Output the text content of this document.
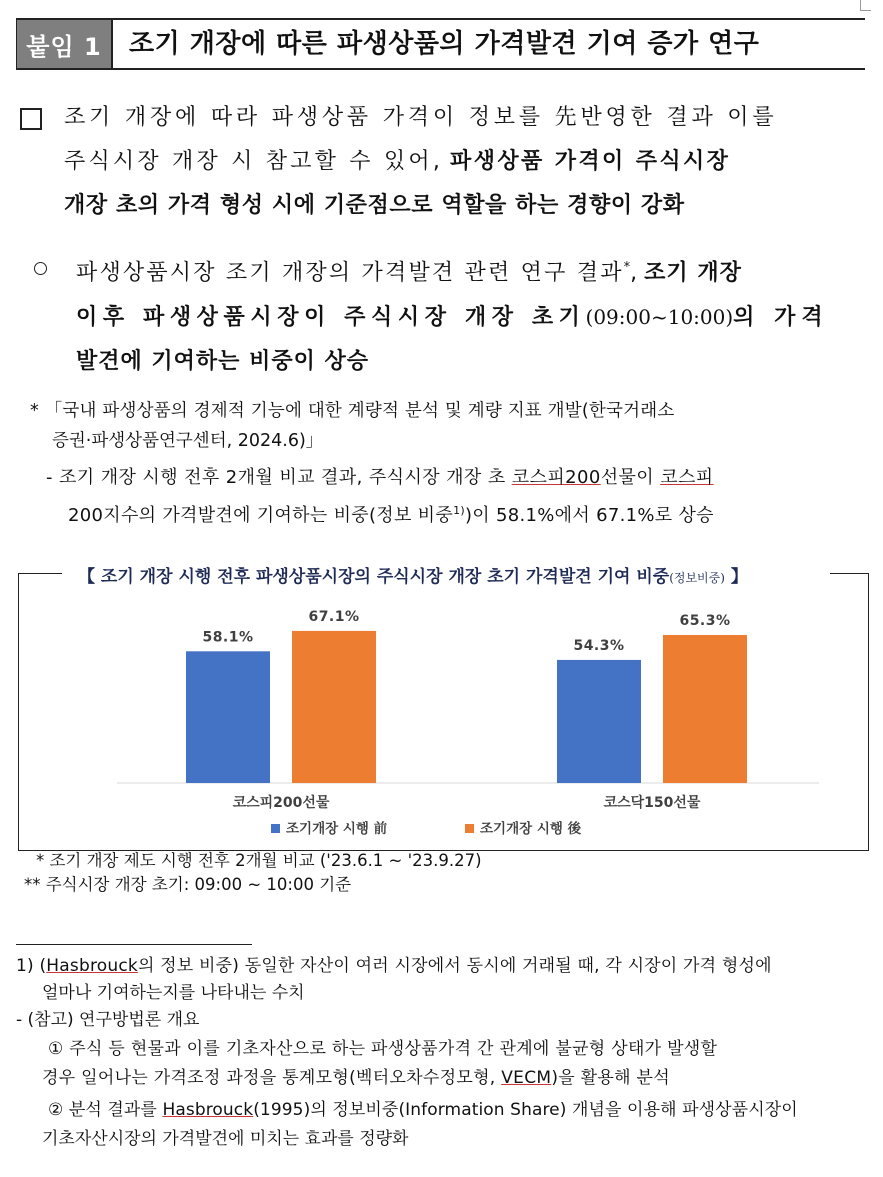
붙임 1	조기 개장에 따른 파생상품의 가격발견 기여 증가 연구
조기 개장에 따라 파생상품 가격이 정보를 先반영한 결과 이를
주식시장 개장 시 참고할 수 있어, 파생상품 가격이 주식시장
개장 초의 가격 형성 시에 기준점으로 역할을 하는 경향이 강화
파생상품시장 조기 개장의 가격발견 관련 연구 결과*, 조기 개장
이후 파생상품시장이 주식시장 개장 초기(09:00~10:00)의 가격
발견에 기여하는 비중이 상승
* 「국내 파생상품의 경제적 기능에 대한 계량적 분석 및 계량 지표 개발(한국거래소
증권·파생상품연구센터, 2024.6)」
- 조기 개장 시행 전후 2개월 비교 결과, 주식시장 개장 초 코스피200선물이 코스피
200지수의 가격발견에 기여하는 비중(정보 비중$^{1)}$)이 58.1%에서 67.1%로 상승
【 조기 개장 시행 전후 파생상품시장의 주식시장 개장 초기 가격발견 기여 비중(정보비중) 】
58.1%
67.1%
54.3%
65.3%
코스피200선물	코스닥150선물
조기개장 시행 前	조기개장 시행 後
* 조기 개장 제도 시행 전후 2개월 비교 ('23.6.1 ~ '23.9.27)
** 주식시장 개장 초기: 09:00 ~ 10:00 기준
1) (Hasbrouck의 정보 비중) 동일한 자산이 여러 시장에서 동시에 거래될 때, 각 시장이 가격 형성에
얼마나 기여하는지를 나타내는 수치
- (참고) 연구방법론 개요
① 주식 등 현물과 이를 기초자산으로 하는 파생상품가격 간 관계에 불균형 상태가 발생할
경우 일어나는 가격조정 과정을 통계모형(벡터오차수정모형, VECM)을 활용해 분석
② 분석 결과를 Hasbrouck(1995)의 정보비중(Information Share) 개념을 이용해 파생상품시장이
기초자산시장의 가격발견에 미치는 효과를 정량화
